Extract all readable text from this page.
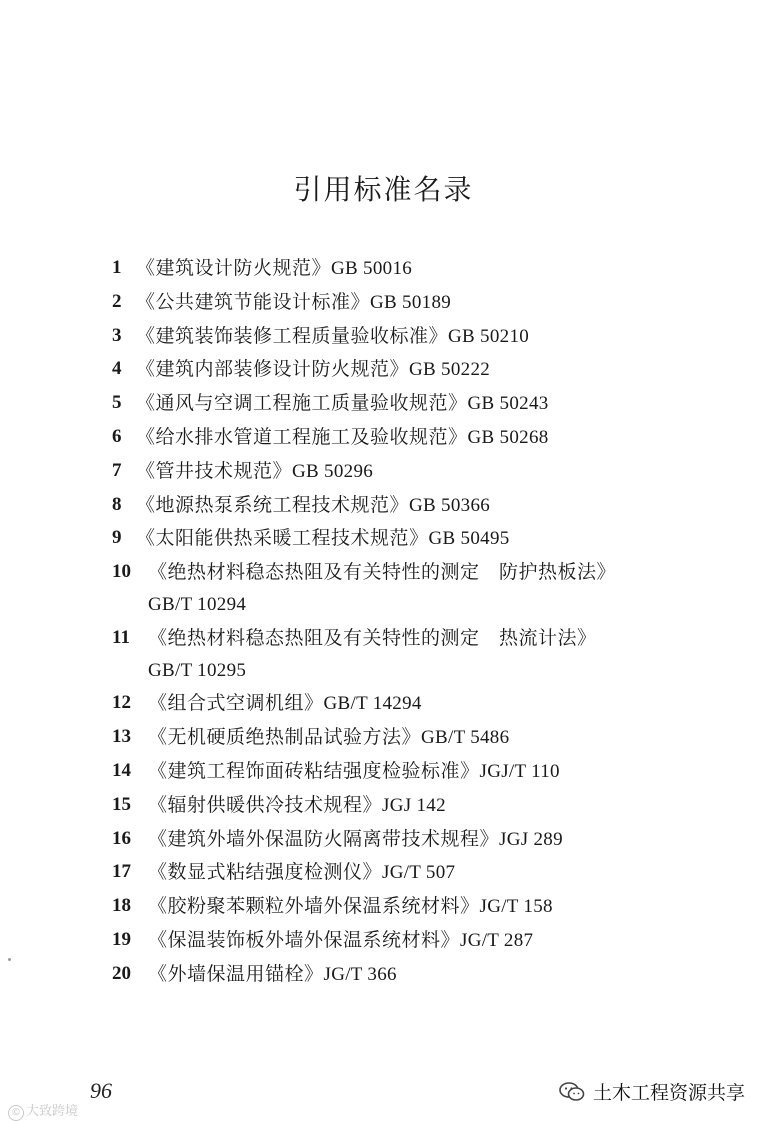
引用标准名录
1 《建筑设计防火规范》GB 50016
2 《公共建筑节能设计标准》GB 50189
3 《建筑装饰装修工程质量验收标准》GB 50210
4 《建筑内部装修设计防火规范》GB 50222
5 《通风与空调工程施工质量验收规范》GB 50243
6 《给水排水管道工程施工及验收规范》GB 50268
7 《管井技术规范》GB 50296
8 《地源热泵系统工程技术规范》GB 50366
9 《太阳能供热采暖工程技术规范》GB 50495
10 《绝热材料稳态热阻及有关特性的测定　防护热板法》
GB/T 10294
11 《绝热材料稳态热阻及有关特性的测定　热流计法》
GB/T 10295
12 《组合式空调机组》GB/T 14294
13 《无机硬质绝热制品试验方法》GB/T 5486
14 《建筑工程饰面砖粘结强度检验标准》JGJ/T 110
15 《辐射供暖供冷技术规程》JGJ 142
16 《建筑外墙外保温防火隔离带技术规程》JGJ 289
17 《数显式粘结强度检测仪》JG/T 507
18 《胶粉聚苯颗粒外墙外保温系统材料》JG/T 158
19 《保温装饰板外墙外保温系统材料》JG/T 287
20 《外墙保温用锚栓》JG/T 366
96
© 大致跨境
土木工程资源共享
